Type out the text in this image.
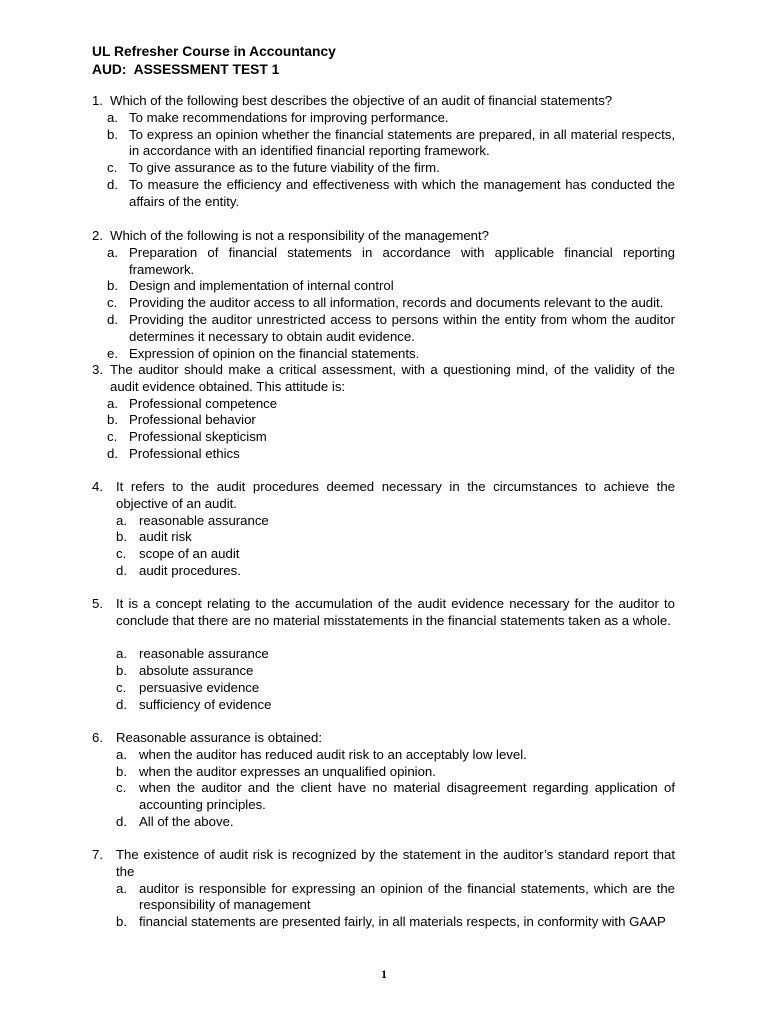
UL Refresher Course in Accountancy
AUD:  ASSESSMENT TEST 1
1. Which of the following best describes the objective of an audit of financial statements?
a. To make recommendations for improving performance.
b. To express an opinion whether the financial statements are prepared, in all material respects, in accordance with an identified financial reporting framework.
c. To give assurance as to the future viability of the firm.
d. To measure the efficiency and effectiveness with which the management has conducted the affairs of the entity.
2. Which of the following is not a responsibility of the management?
a. Preparation of financial statements in accordance with applicable financial reporting framework.
b. Design and implementation of internal control
c. Providing the auditor access to all information, records and documents relevant to the audit.
d. Providing the auditor unrestricted access to persons within the entity from whom the auditor determines it necessary to obtain audit evidence.
e. Expression of opinion on the financial statements.
3. The auditor should make a critical assessment, with a questioning mind, of the validity of the audit evidence obtained. This attitude is:
a. Professional competence
b. Professional behavior
c. Professional skepticism
d. Professional ethics
4. It refers to the audit procedures deemed necessary in the circumstances to achieve the objective of an audit.
a. reasonable assurance
b. audit risk
c. scope of an audit
d. audit procedures.
5. It is a concept relating to the accumulation of the audit evidence necessary for the auditor to conclude that there are no material misstatements in the financial statements taken as a whole.
a. reasonable assurance
b. absolute assurance
c. persuasive evidence
d. sufficiency of evidence
6. Reasonable assurance is obtained:
a. when the auditor has reduced audit risk to an acceptably low level.
b. when the auditor expresses an unqualified opinion.
c. when the auditor and the client have no material disagreement regarding application of accounting principles.
d. All of the above.
7. The existence of audit risk is recognized by the statement in the auditor’s standard report that the
a. auditor is responsible for expressing an opinion of the financial statements, which are the responsibility of management
b. financial statements are presented fairly, in all materials respects, in conformity with GAAP
1
